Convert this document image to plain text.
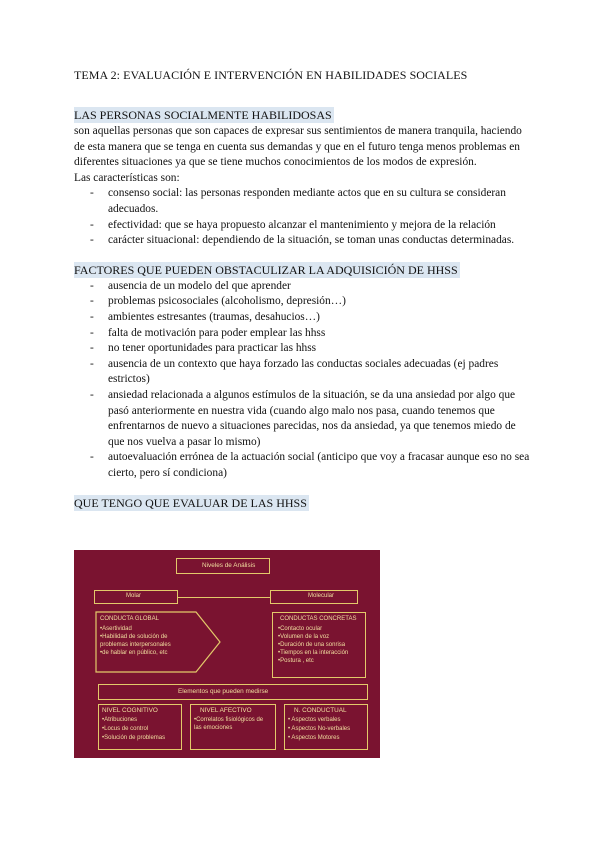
TEMA 2: EVALUACIÓN E INTERVENCIÓN EN HABILIDADES SOCIALES

LAS PERSONAS SOCIALMENTE HABILIDOSAS

son aquellas personas que son capaces de expresar sus sentimientos de manera tranquila, haciendo de esta manera que se tenga en cuenta sus demandas y que en el futuro tenga menos problemas en diferentes situaciones ya que se tiene muchos conocimientos de los modos de expresión.

Las características son:

- consenso social: las personas responden mediante actos que en su cultura se consideran adecuados.
- efectividad: que se haya propuesto alcanzar el mantenimiento y mejora de la relación
- carácter situacional: dependiendo de la situación, se toman unas conductas determinadas.

FACTORES QUE PUEDEN OBSTACULIZAR LA ADQUISICIÓN DE HHSS

- ausencia de un modelo del que aprender
- problemas psicosociales (alcoholismo, depresión…)
- ambientes estresantes (traumas, desahucios…)
- falta de motivación para poder emplear las hhss
- no tener oportunidades para practicar las hhss
- ausencia de un contexto que haya forzado las conductas sociales adecuadas (ej padres estrictos)
- ansiedad relacionada a algunos estímulos de la situación, se da una ansiedad por algo que pasó anteriormente en nuestra vida (cuando algo malo nos pasa, cuando tenemos que enfrentarnos de nuevo a situaciones parecidas, nos da ansiedad, ya que tenemos miedo de que nos vuelva a pasar lo mismo)
- autoevaluación errónea de la actuación social (anticipo que voy a fracasar aunque eso no sea cierto, pero sí condiciona)

QUE TENGO QUE EVALUAR DE LAS HHSS

Niveles de Análisis
Molar	Molecular
CONDUCTA GLOBAL
•Asertividad
•Habilidad de solución de
problemas interpersonales
•de hablar en público, etc
CONDUCTAS CONCRETAS
•Contacto ocular
•Volumen de la voz
•Duración de una sonrisa
•Tiempos en la interacción
•Postura , etc
Elementos que pueden medirse
NIVEL COGNITIVO
•Atribuciones
•Locus de control
•Solución de problemas
NIVEL AFECTIVO
•Correlatos fisiológicos de
las emociones
N. CONDUCTUAL
• Aspectos verbales
• Aspectos No-verbales
• Aspectos Motores
